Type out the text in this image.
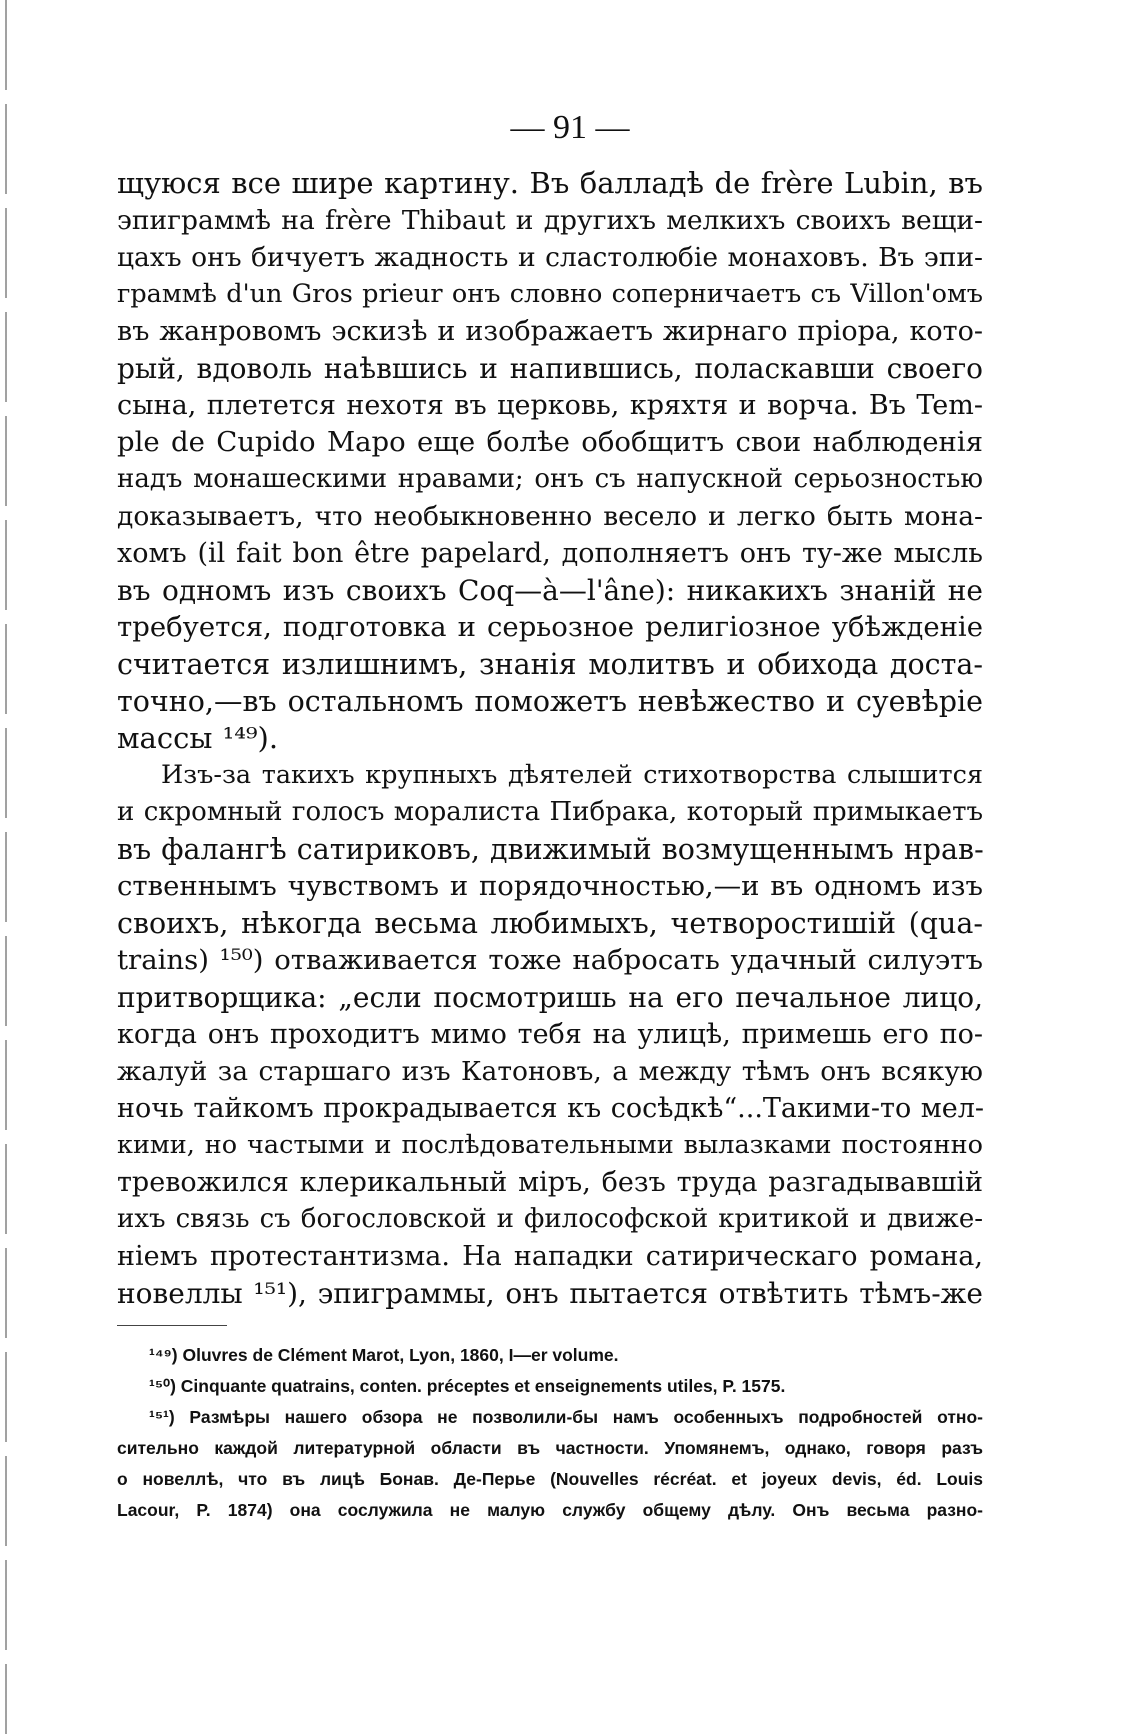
— 91 —
щуюся все шире картину. Въ балладѣ de frère Lubin, въ
эпиграммѣ на frère Thibaut и другихъ мелкихъ своихъ вещи-
цахъ онъ бичуетъ жадность и сластолюбіе монаховъ. Въ эпи-
граммѣ d'un Gros prieur онъ словно соперничаетъ съ Villon'омъ
въ жанровомъ эскизѣ и изображаетъ жирнаго пріора, кото-
рый, вдоволь наѣвшись и напившись, поласкавши своего
сына, плетется нехотя въ церковь, кряхтя и ворча. Въ Tem-
ple de Cupido Маро еще болѣе обобщитъ свои наблюденія
надъ монашескими нравами; онъ съ напускной серьозностью
доказываетъ, что необыкновенно весело и легко быть мона-
хомъ (il fait bon être papelard, дополняетъ онъ ту-же мысль
въ одномъ изъ своихъ Coq—à—l'âne): никакихъ знаній не
требуется, подготовка и серьозное религіозное убѣжденіе
считается излишнимъ, знанія молитвъ и обихода доста-
точно,—въ остальномъ поможетъ невѣжество и суевѣріе
массы ¹⁴⁹).
Изъ-за такихъ крупныхъ дѣятелей стихотворства слышится
и скромный голосъ моралиста Пибрака, который примыкаетъ
въ фалангѣ сатириковъ, движимый возмущеннымъ нрав-
ственнымъ чувствомъ и порядочностью,—и въ одномъ изъ
своихъ, нѣкогда весьма любимыхъ, четворостишій (qua-
trains) ¹⁵⁰) отваживается тоже набросать удачный силуэтъ
притворщика: „если посмотришь на его печальное лицо,
когда онъ проходитъ мимо тебя на улицѣ, примешь его по-
жалуй за старшаго изъ Катоновъ, а между тѣмъ онъ всякую
ночь тайкомъ прокрадывается къ сосѣдкѣ“...Такими-то мел-
кими, но частыми и послѣдовательными вылазками постоянно
тревожился клерикальный міръ, безъ труда разгадывавшій
ихъ связь съ богословской и философской критикой и движе-
ніемъ протестантизма. На нападки сатирическаго романа,
новеллы ¹⁵¹), эпиграммы, онъ пытается отвѣтить тѣмъ-же
¹⁴⁹) Oluvres de Clément Marot, Lyon, 1860, I—er volume.
¹⁵⁰) Cinquante quatrains, conten. préceptes et enseignements utiles, P. 1575.
¹⁵¹) Размѣры нашего обзора не позволили-бы намъ особенныхъ подробностей отно-
сительно каждой литературной области въ частности. Упомянемъ, однако, говоря разъ
о новеллѣ, что въ лицѣ Бонав. Де-Перье (Nouvelles récréat. et joyeux devis, éd. Louis
Lacour, P. 1874) она сослужила не малую службу общему дѣлу. Онъ весьма разно-
